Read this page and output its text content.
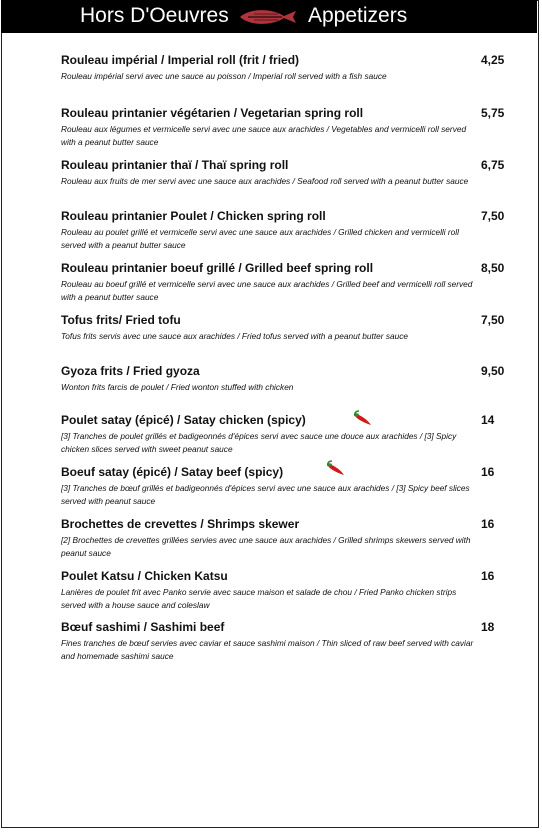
Hors D'Oeuvres	Appetizers
Rouleau impérial / Imperial roll (frit / fried)
Rouleau impérial servi avec une sauce au poisson / Imperial roll served with a fish sauce
4,25
Rouleau printanier végétarien / Vegetarian spring roll
Rouleau aux légumes et vermicelle servi avec une sauce aux arachides / Vegetables and vermicelli roll served with a peanut butter sauce
5,75
Rouleau printanier thaï / Thaï spring roll
Rouleau aux fruits de mer servi avec une sauce aux arachides / Seafood roll served with a peanut butter sauce
6,75
Rouleau printanier Poulet / Chicken spring roll
Rouleau au poulet grillé et vermicelle servi avec une sauce aux arachides / Grilled chicken and vermicelli roll served with a peanut butter sauce
7,50
Rouleau printanier boeuf grillé / Grilled beef spring roll
Rouleau au boeuf grillé et vermicelle servi avec une sauce aux arachides / Grilled beef and vermicelli roll served with a peanut butter sauce
8,50
Tofus frits/ Fried tofu
Tofus frits servis avec une sauce aux arachides / Fried tofus served with a peanut butter sauce
7,50
Gyoza frits / Fried gyoza
Wonton frits farcis de poulet / Fried wonton stuffed with chicken
9,50
Poulet satay (épicé) / Satay chicken (spicy)
[3] Tranches de poulet grillés et badigeonnés d'épices servi avec sauce une douce aux arachides / [3] Spicy chicken slices served with sweet peanut sauce
14
Boeuf satay (épicé) / Satay beef (spicy)
[3] Tranches de bœuf grillés et badigeonnés d'épices servi avec une sauce aux arachides / [3] Spicy beef slices served with peanut sauce
16
Brochettes de crevettes / Shrimps skewer
[2] Brochettes de crevettes grillées servies avec une sauce aux arachides / Grilled shrimps skewers served with peanut sauce
16
Poulet Katsu / Chicken Katsu
Lanières de poulet frit avec Panko servie avec sauce maison et salade de chou / Fried Panko chicken strips served with a house sauce and coleslaw
16
Bœuf sashimi / Sashimi beef
Fines tranches de bœuf servies avec caviar et sauce sashimi maison / Thin sliced of raw beef served with caviar and homemade sashimi sauce
18
